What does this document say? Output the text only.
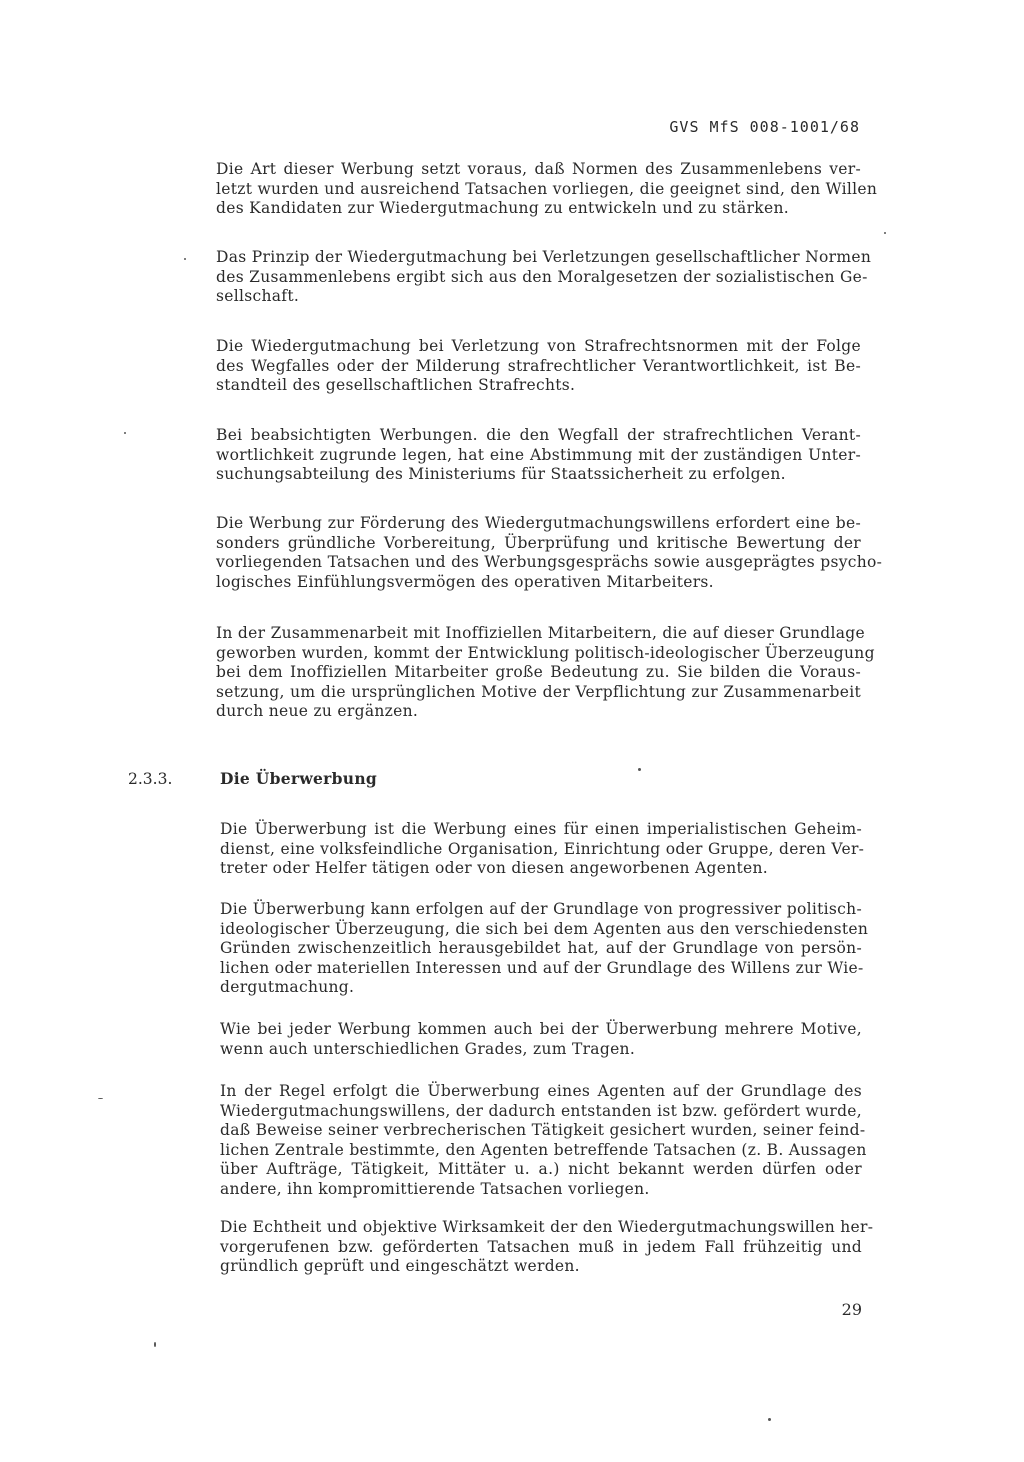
GVS MfS 008-1001/68
Die Art dieser Werbung setzt voraus, daß Normen des Zusammenlebens ver-
letzt wurden und ausreichend Tatsachen vorliegen, die geeignet sind, den Willen
des Kandidaten zur Wiedergutmachung zu entwickeln und zu stärken.
Das Prinzip der Wiedergutmachung bei Verletzungen gesellschaftlicher Normen
des Zusammenlebens ergibt sich aus den Moralgesetzen der sozialistischen Ge-
sellschaft.
Die Wiedergutmachung bei Verletzung von Strafrechtsnormen mit der Folge
des Wegfalles oder der Milderung strafrechtlicher Verantwortlichkeit, ist Be-
standteil des gesellschaftlichen Strafrechts.
Bei beabsichtigten Werbungen. die den Wegfall der strafrechtlichen Verant-
wortlichkeit zugrunde legen, hat eine Abstimmung mit der zuständigen Unter-
suchungsabteilung des Ministeriums für Staatssicherheit zu erfolgen.
Die Werbung zur Förderung des Wiedergutmachungswillens erfordert eine be-
sonders gründliche Vorbereitung, Überprüfung und kritische Bewertung der
vorliegenden Tatsachen und des Werbungsgesprächs sowie ausgeprägtes psycho-
logisches Einfühlungsvermögen des operativen Mitarbeiters.
In der Zusammenarbeit mit Inoffiziellen Mitarbeitern, die auf dieser Grundlage
geworben wurden, kommt der Entwicklung politisch-ideologischer Überzeugung
bei dem Inoffiziellen Mitarbeiter große Bedeutung zu. Sie bilden die Voraus-
setzung, um die ursprünglichen Motive der Verpflichtung zur Zusammenarbeit
durch neue zu ergänzen.
2.3.3.	Die Überwerbung
Die Überwerbung ist die Werbung eines für einen imperialistischen Geheim-
dienst, eine volksfeindliche Organisation, Einrichtung oder Gruppe, deren Ver-
treter oder Helfer tätigen oder von diesen angeworbenen Agenten.
Die Überwerbung kann erfolgen auf der Grundlage von progressiver politisch-
ideologischer Überzeugung, die sich bei dem Agenten aus den verschiedensten
Gründen zwischenzeitlich herausgebildet hat, auf der Grundlage von persön-
lichen oder materiellen Interessen und auf der Grundlage des Willens zur Wie-
dergutmachung.
Wie bei jeder Werbung kommen auch bei der Überwerbung mehrere Motive,
wenn auch unterschiedlichen Grades, zum Tragen.
In der Regel erfolgt die Überwerbung eines Agenten auf der Grundlage des
Wiedergutmachungswillens, der dadurch entstanden ist bzw. gefördert wurde,
daß Beweise seiner verbrecherischen Tätigkeit gesichert wurden, seiner feind-
lichen Zentrale bestimmte, den Agenten betreffende Tatsachen (z. B. Aussagen
über Aufträge, Tätigkeit, Mittäter u. a.) nicht bekannt werden dürfen oder
andere, ihn kompromittierende Tatsachen vorliegen.
Die Echtheit und objektive Wirksamkeit der den Wiedergutmachungswillen her-
vorgerufenen bzw. geförderten Tatsachen muß in jedem Fall frühzeitig und
gründlich geprüft und eingeschätzt werden.
29
